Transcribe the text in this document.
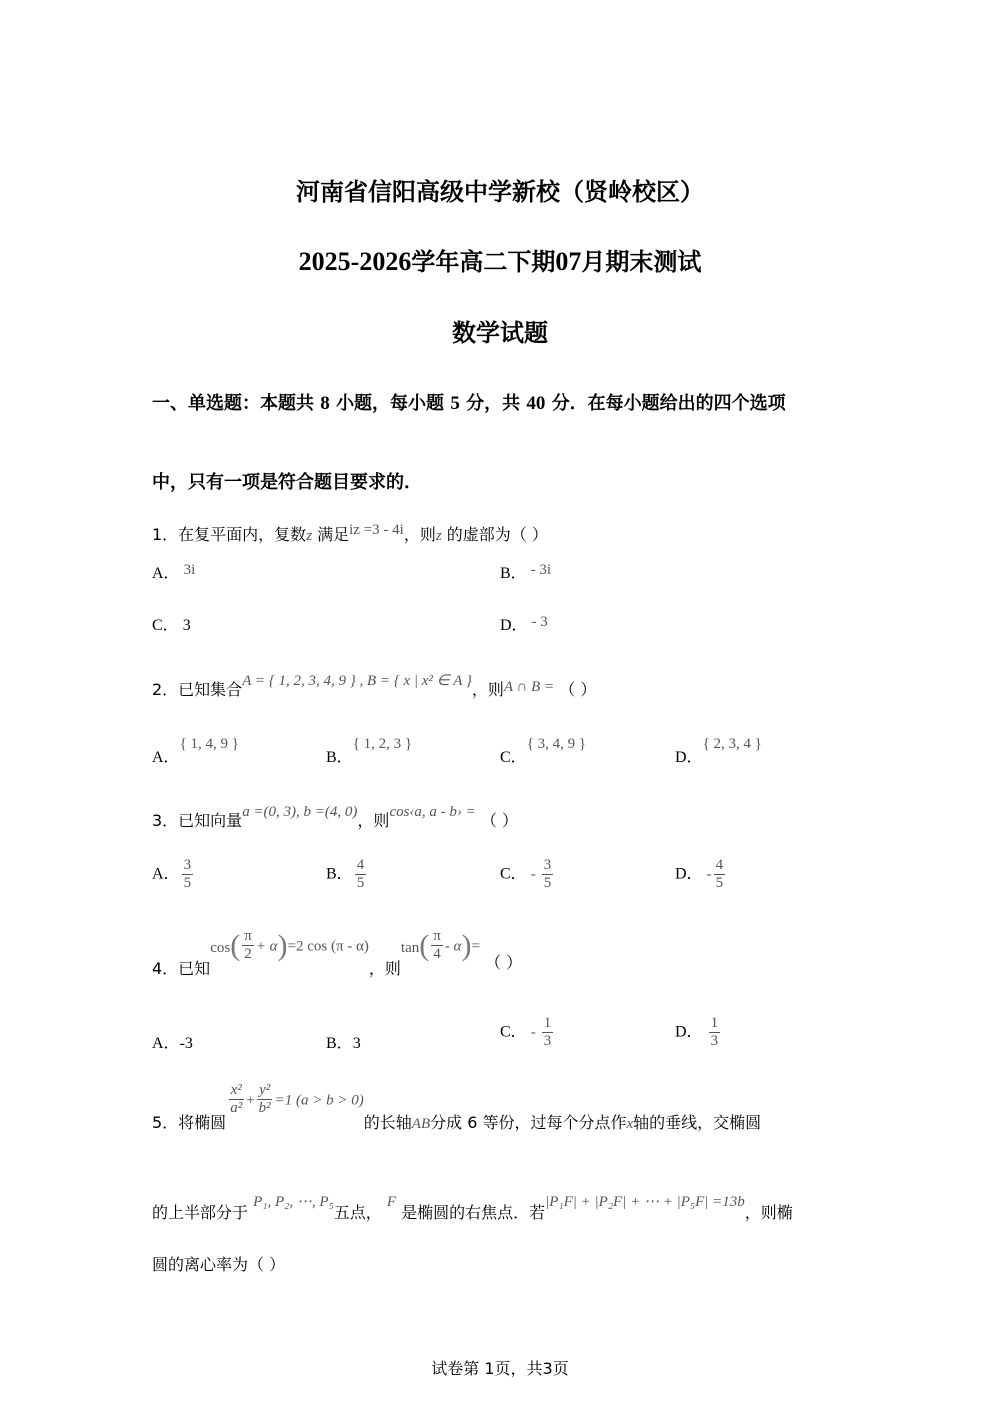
河南省信阳高级中学新校（贤岭校区）
2025-2026学年高二下期07月期末测试
数学试题
一、单选题：本题共 8 小题，每小题 5 分，共 40 分．在每小题给出的四个选项
中，只有一项是符合题目要求的．
1．在复平面内，复数z 满足iz =3 - 4i，则z 的虚部为（ ）
A． 3i	B． - 3i
C． 3	D． - 3
2．已知集合A = { 1, 2, 3, 4, 9 } , B = { x | x² ∈ A }，则A ∩ B = （ ）
A．{ 1, 4, 9 }
B．{ 1, 2, 3 }
C．{ 3, 4, 9 }
D．{ 2, 3, 4 }
3．已知向量a =(0, 3), b =(4, 0)，则cos‹a, a - b› = （ ）
A． $\frac{3}{5}$	B． $\frac{4}{5}$	C． - $\frac{3}{5}$	D． - $\frac{4}{5}$
4．已知$\cos( \frac{\pi}{2} + \alpha)=2$ cos (π - α)，则$\tan( \frac{\pi}{4} - \alpha)=$ （ ）
A．-3	B．3
C． - $\frac{1}{3}$	D． $\frac{1}{3}$
5．将椭圆
$\frac{\text{x²}}{\text{a²}} + \frac{\text{y²}}{\text{b²}} =1$ (a > b > 0)的长轴AB分成 6 等份，过每个分点作x轴的垂线，交椭圆
的上半部分于 P₁, P₂, ⋯, P₅五点， F 是椭圆的右焦点．若|P₁F| + |P₂F| + ⋯ + |P₅F| =13b，则椭
圆的离心率为（ ）
试卷第 1页，共3页
